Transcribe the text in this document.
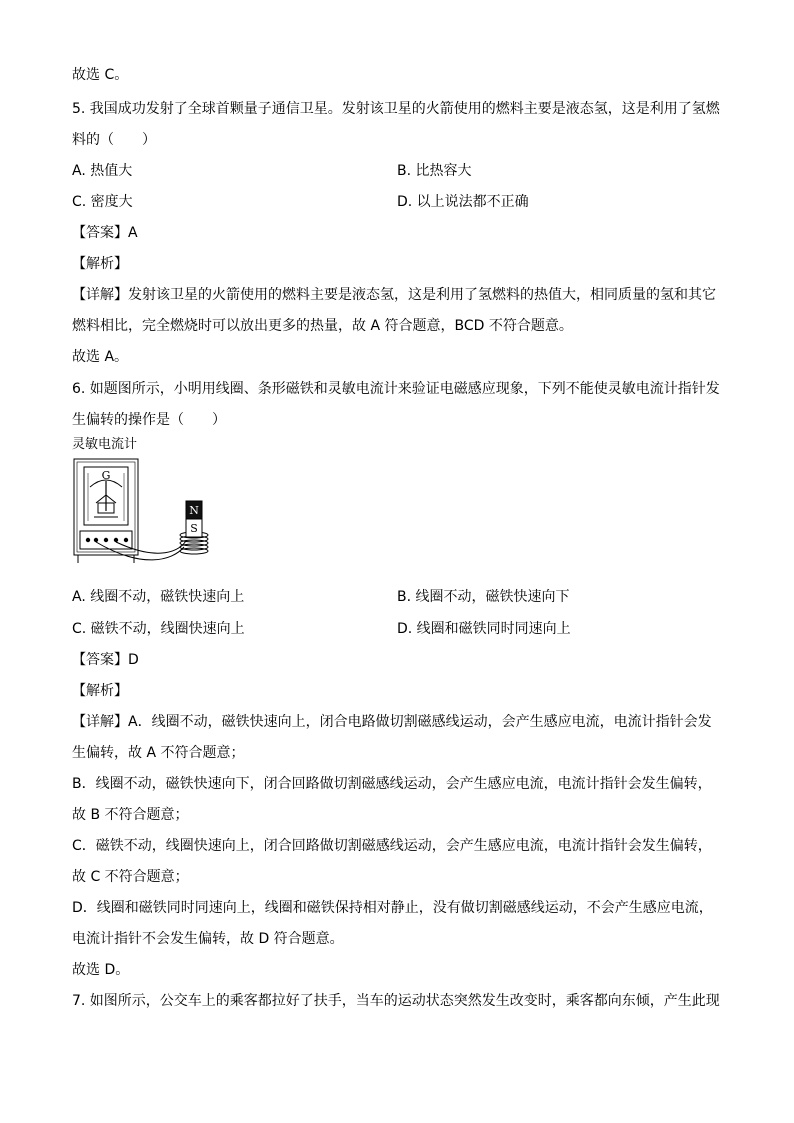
故选 C。
5. 我国成功发射了全球首颗量子通信卫星。发射该卫星的火箭使用的燃料主要是液态氢，这是利用了氢燃
料的（　　）
A. 热值大	B. 比热容大
C. 密度大	D. 以上说法都不正确
【答案】A
【解析】
【详解】发射该卫星的火箭使用的燃料主要是液态氢，这是利用了氢燃料的热值大，相同质量的氢和其它
燃料相比，完全燃烧时可以放出更多的热量，故 A 符合题意，BCD 不符合题意。
故选 A。
6. 如题图所示，小明用线圈、条形磁铁和灵敏电流计来验证电磁感应现象，下列不能使灵敏电流计指针发
生偏转的操作是（　　）
灵敏电流计
G
N
S
A. 线圈不动，磁铁快速向上	B. 线圈不动，磁铁快速向下
C. 磁铁不动，线圈快速向上	D. 线圈和磁铁同时同速向上
【答案】D
【解析】
【详解】A．线圈不动，磁铁快速向上，闭合电路做切割磁感线运动，会产生感应电流，电流计指针会发
生偏转，故 A 不符合题意；
B．线圈不动，磁铁快速向下，闭合回路做切割磁感线运动，会产生感应电流，电流计指针会发生偏转，
故 B 不符合题意；
C．磁铁不动，线圈快速向上，闭合回路做切割磁感线运动，会产生感应电流，电流计指针会发生偏转，
故 C 不符合题意；
D．线圈和磁铁同时同速向上，线圈和磁铁保持相对静止，没有做切割磁感线运动，不会产生感应电流，
电流计指针不会发生偏转，故 D 符合题意。
故选 D。
7. 如图所示，公交车上的乘客都拉好了扶手，当车的运动状态突然发生改变时，乘客都向东倾，产生此现
